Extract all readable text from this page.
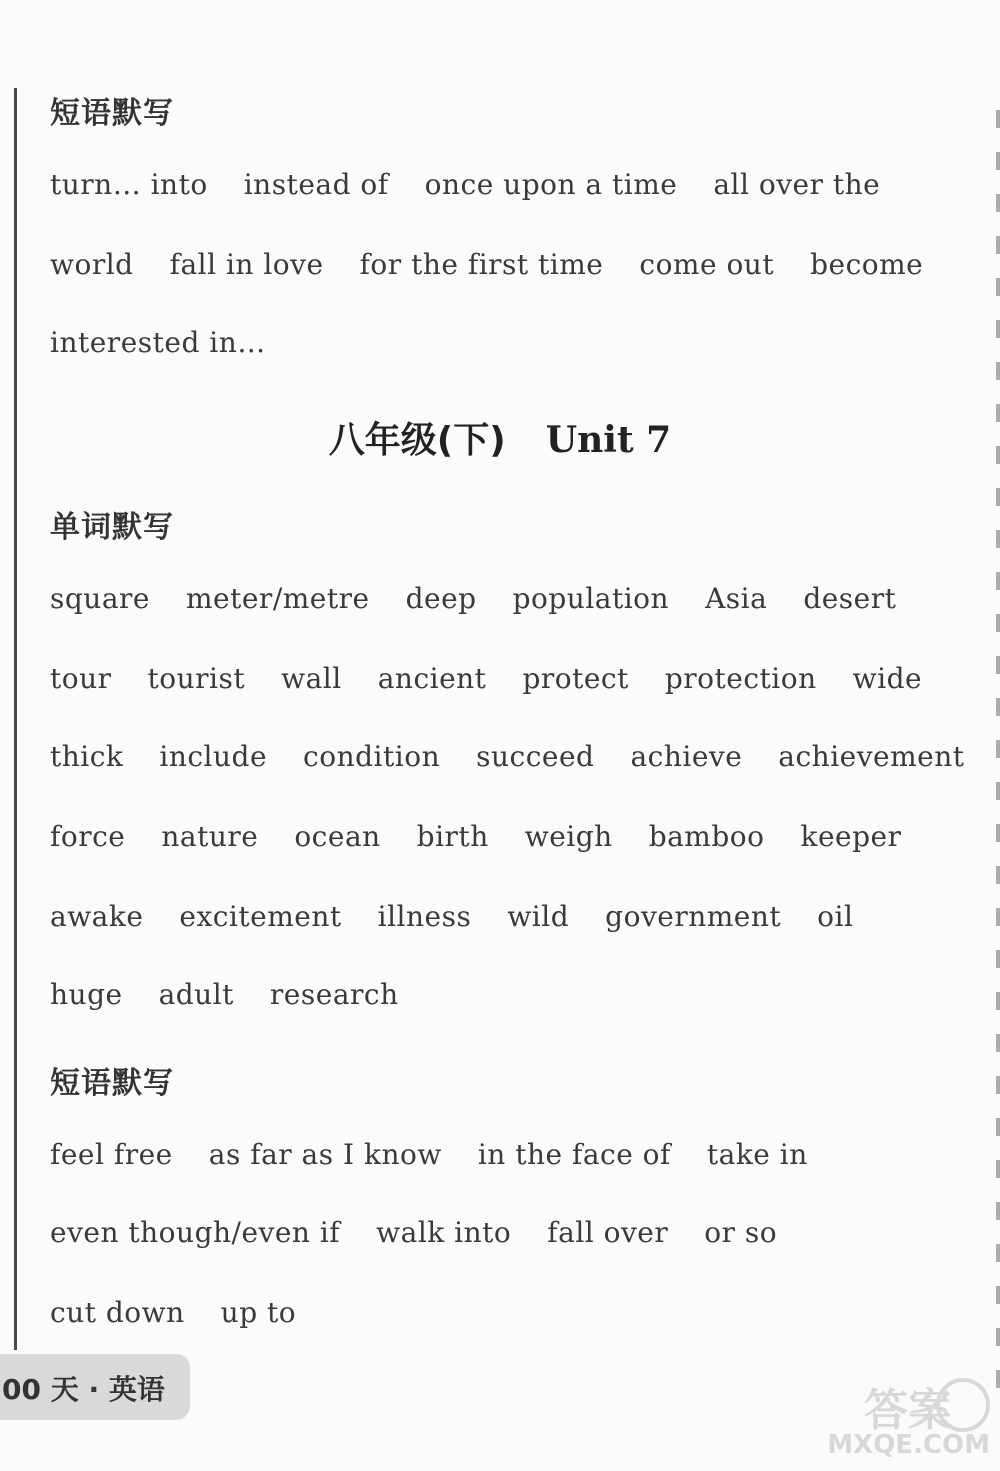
短语默写
turn… into instead of once upon a time all over the
world fall in love for the first time come out become
interested in…
八年级(下) Unit 7
单词默写
square meter/metre deep population Asia desert
tour tourist wall ancient protect protection wide
thick include condition succeed achieve achievement
force nature ocean birth weigh bamboo keeper
awake excitement illness wild government oil
huge adult research
短语默写
feel free as far as I know in the face of take in
even though/even if walk into fall over or so
cut down up to
00 天 · 英语	答案
MXQE.COM
